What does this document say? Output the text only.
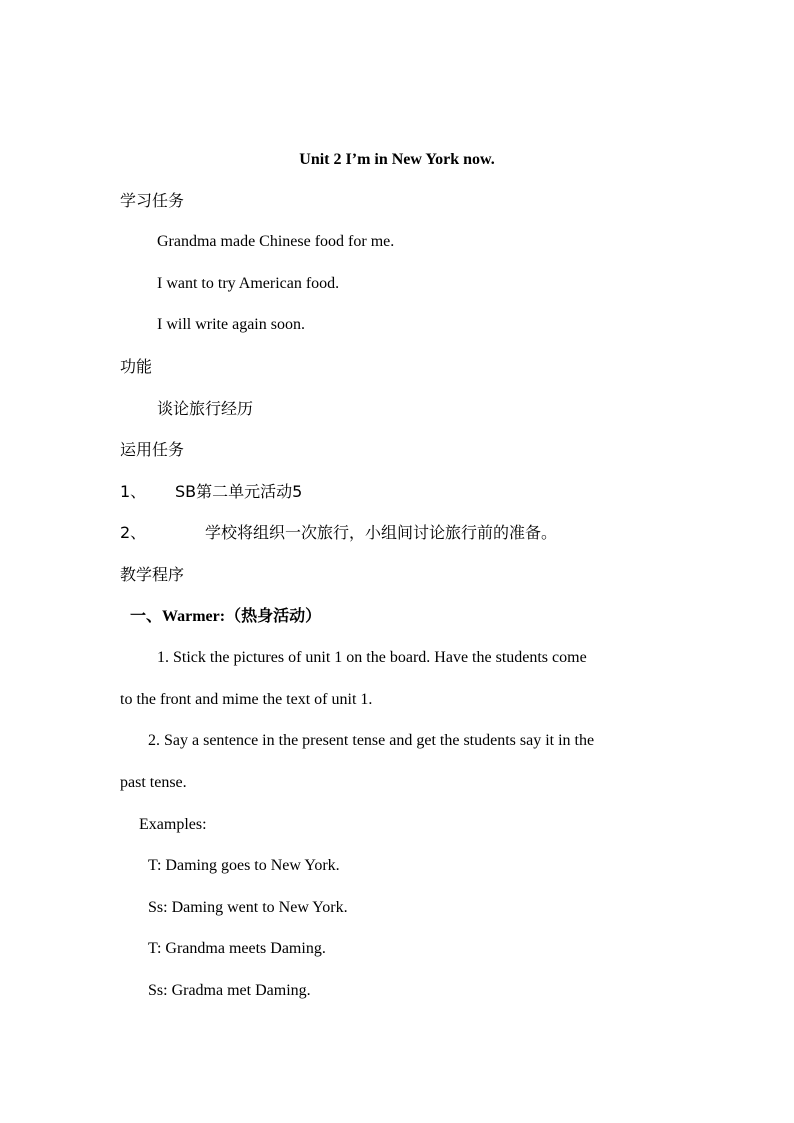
Unit 2 I’m in New York now.
学习任务
Grandma made Chinese food for me.
I want to try American food.
I will write again soon.
功能
谈论旅行经历
运用任务
1、 SB第二单元活动5
2、	学校将组织一次旅行，小组间讨论旅行前的准备。
教学程序
一、Warmer:（热身活动）
1. Stick the pictures of unit 1 on the board. Have the students come
to the front and mime the text of unit 1.
2. Say a sentence in the present tense and get the students say it in the
past tense.
Examples:
T: Daming goes to New York.
Ss: Daming went to New York.
T: Grandma meets Daming.
Ss: Gradma met Daming.
